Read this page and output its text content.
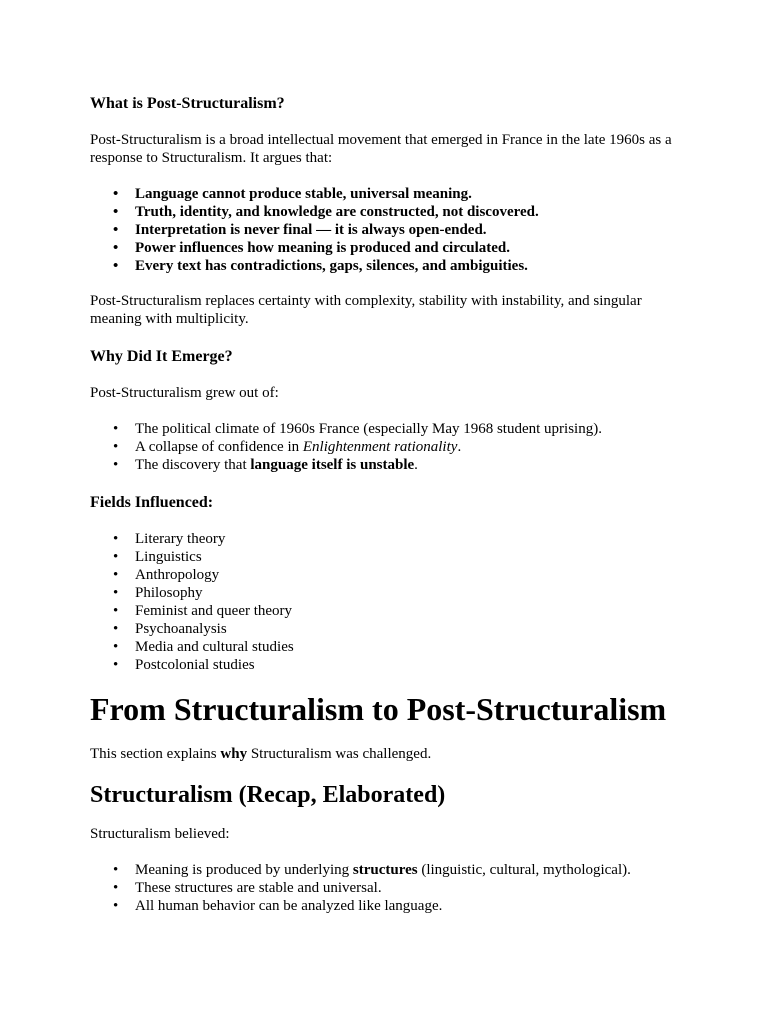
What is Post-Structuralism?
Post-Structuralism is a broad intellectual movement that emerged in France in the late 1960s as a response to Structuralism. It argues that:
• Language cannot produce stable, universal meaning.
• Truth, identity, and knowledge are constructed, not discovered.
• Interpretation is never final — it is always open-ended.
• Power influences how meaning is produced and circulated.
• Every text has contradictions, gaps, silences, and ambiguities.
Post-Structuralism replaces certainty with complexity, stability with instability, and singular meaning with multiplicity.
Why Did It Emerge?
Post-Structuralism grew out of:
• The political climate of 1960s France (especially May 1968 student uprising).
• A collapse of confidence in Enlightenment rationality.
• The discovery that language itself is unstable.
Fields Influenced:
• Literary theory
• Linguistics
• Anthropology
• Philosophy
• Feminist and queer theory
• Psychoanalysis
• Media and cultural studies
• Postcolonial studies
From Structuralism to Post-Structuralism
This section explains why Structuralism was challenged.
Structuralism (Recap, Elaborated)
Structuralism believed:
• Meaning is produced by underlying structures (linguistic, cultural, mythological).
• These structures are stable and universal.
• All human behavior can be analyzed like language.
